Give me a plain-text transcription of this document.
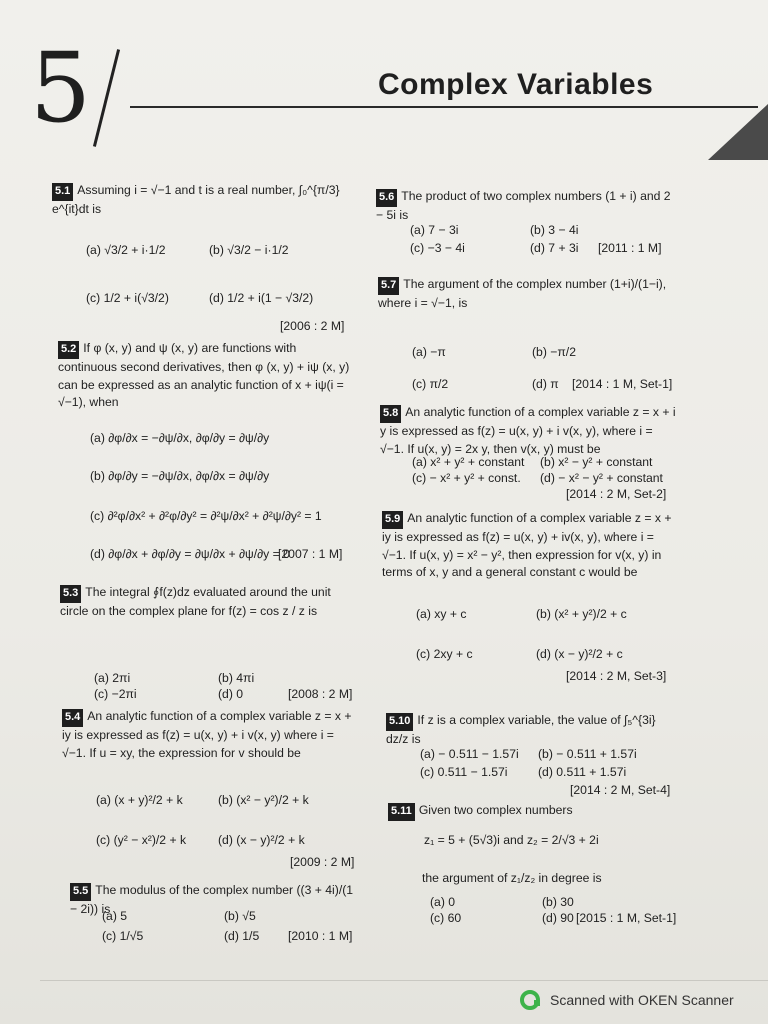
5	Complex Variables
5.1 Assuming i = √−1 and t is a real number, ∫₀^{π/3} e^{it}dt is
(a) √3/2 + i·1/2	(b) √3/2 − i·1/2
(c) 1/2 + i(√3/2)	(d) 1/2 + i(1 − √3/2)
[2006 : 2 M]
5.2 If φ (x, y) and ψ (x, y) are functions with continuous second derivatives, then φ (x, y) + iψ (x, y) can be expressed as an analytic function of x + iψ(i = √−1), when
(a) ∂φ/∂x = −∂ψ/∂x, ∂φ/∂y = ∂ψ/∂y
(b) ∂φ/∂y = −∂ψ/∂x, ∂φ/∂x = ∂ψ/∂y
(c) ∂²φ/∂x² + ∂²φ/∂y² = ∂²ψ/∂x² + ∂²ψ/∂y² = 1
(d) ∂φ/∂x + ∂φ/∂y = ∂ψ/∂x + ∂ψ/∂y = 0
[2007 : 1 M]
5.3 The integral ∮f(z)dz evaluated around the unit circle on the complex plane for f(z) = cos z / z is
(a) 2πi	(b) 4πi
(c) −2πi	(d) 0	[2008 : 2 M]
5.4 An analytic function of a complex variable z = x + iy is expressed as f(z) = u(x, y) + i v(x, y) where i = √−1. If u = xy, the expression for v should be
(a) (x + y)²/2 + k	(b) (x² − y²)/2 + k
(c) (y² − x²)/2 + k	(d) (x − y)²/2 + k
[2009 : 2 M]
5.5 The modulus of the complex number ((3 + 4i)/(1 − 2i)) is
(a) 5	(b) √5
(c) 1/√5	(d) 1/5 [2010 : 1 M]
5.6 The product of two complex numbers (1 + i) and 2 − 5i is
(a) 7 − 3i	(b) 3 − 4i
(c) −3 − 4i	(d) 7 + 3i [2011 : 1 M]
5.7 The argument of the complex number (1+i)/(1−i), where i = √−1, is
(a) −π	(b) −π/2
(c) π/2	(d) π [2014 : 1 M, Set-1]
5.8 An analytic function of a complex variable z = x + i y is expressed as f(z) = u(x, y) + i v(x, y), where i = √−1. If u(x, y) = 2x y, then v(x, y) must be
(a) x² + y² + constant (b) x² − y² + constant
(c) − x² + y² + const. (d) − x² − y² + constant
[2014 : 2 M, Set-2]
5.9 An analytic function of a complex variable z = x + iy is expressed as f(z) = u(x, y) + iv(x, y), where i = √−1. If u(x, y) = x² − y², then expression for v(x, y) in terms of x, y and a general constant c would be
(a) xy + c	(b) (x² + y²)/2 + c
(c) 2xy + c	(d) (x − y)²/2 + c
[2014 : 2 M, Set-3]
5.10 If z is a complex variable, the value of ∫₅^{3i} dz/z is
(a) − 0.511 − 1.57i (b) − 0.511 + 1.57i
(c) 0.511 − 1.57i (d) 0.511 + 1.57i
[2014 : 2 M, Set-4]
5.11 Given two complex numbers
z₁ = 5 + (5√3)i and z₂ = 2/√3 + 2i
the argument of z₁/z₂ in degree is
(a) 0	(b) 30
(c) 60	(d) 90 [2015 : 1 M, Set-1]
Scanned with OKEN Scanner
